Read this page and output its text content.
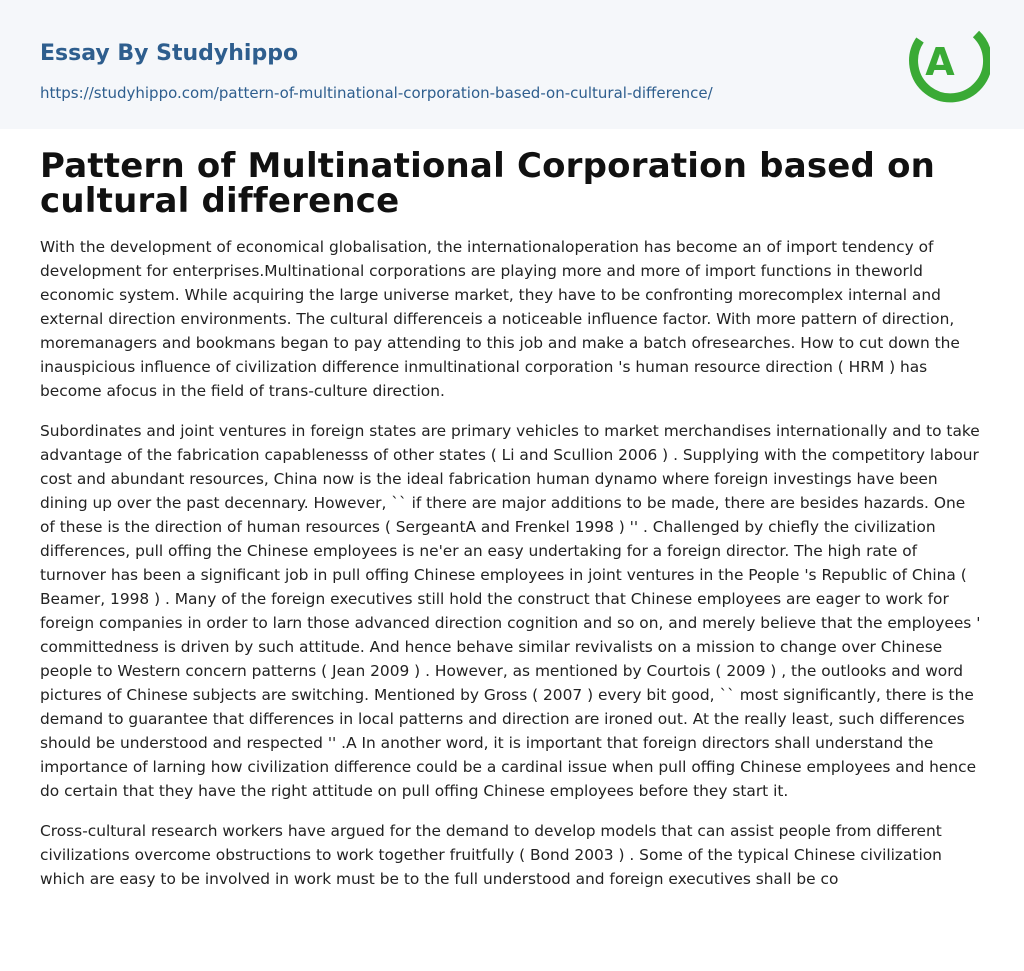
Essay By Studyhippo
https://studyhippo.com/pattern-of-multinational-corporation-based-on-cultural-difference/
A
Pattern of Multinational Corporation based on cultural difference

With the development of economical globalisation, the internationaloperation has become an of import tendency of development for enterprises.Multinational corporations are playing more and more of import functions in theworld economic system. While acquiring the large universe market, they have to be confronting morecomplex internal and external direction environments. The cultural differenceis a noticeable influence factor. With more pattern of direction, moremanagers and bookmans began to pay attending to this job and make a batch ofresearches. How to cut down the inauspicious influence of civilization difference inmultinational corporation 's human resource direction ( HRM ) has become afocus in the field of trans-culture direction.

Subordinates and joint ventures in foreign states are primary vehicles to market merchandises internationally and to take advantage of the fabrication capablenesss of other states ( Li and Scullion 2006 ) . Supplying with the competitory labour cost and abundant resources, China now is the ideal fabrication human dynamo where foreign investings have been dining up over the past decennary. However, `` if there are major additions to be made, there are besides hazards. One of these is the direction of human resources ( SergeantA and Frenkel 1998 ) '' . Challenged by chiefly the civilization differences, pull offing the Chinese employees is ne'er an easy undertaking for a foreign director. The high rate of turnover has been a significant job in pull offing Chinese employees in joint ventures in the People 's Republic of China ( Beamer, 1998 ) . Many of the foreign executives still hold the construct that Chinese employees are eager to work for foreign companies in order to larn those advanced direction cognition and so on, and merely believe that the employees ' committedness is driven by such attitude. And hence behave similar revivalists on a mission to change over Chinese people to Western concern patterns ( Jean 2009 ) . However, as mentioned by Courtois ( 2009 ) , the outlooks and word pictures of Chinese subjects are switching. Mentioned by Gross ( 2007 ) every bit good, `` most significantly, there is the demand to guarantee that differences in local patterns and direction are ironed out. At the really least, such differences should be understood and respected '' .A In another word, it is important that foreign directors shall understand the importance of larning how civilization difference could be a cardinal issue when pull offing Chinese employees and hence do certain that they have the right attitude on pull offing Chinese employees before they start it.

Cross-cultural research workers have argued for the demand to develop models that can assist people from different civilizations overcome obstructions to work together fruitfully ( Bond 2003 ) . Some of the typical Chinese civilization which are easy to be involved in work must be to the full understood and foreign executives shall be co
